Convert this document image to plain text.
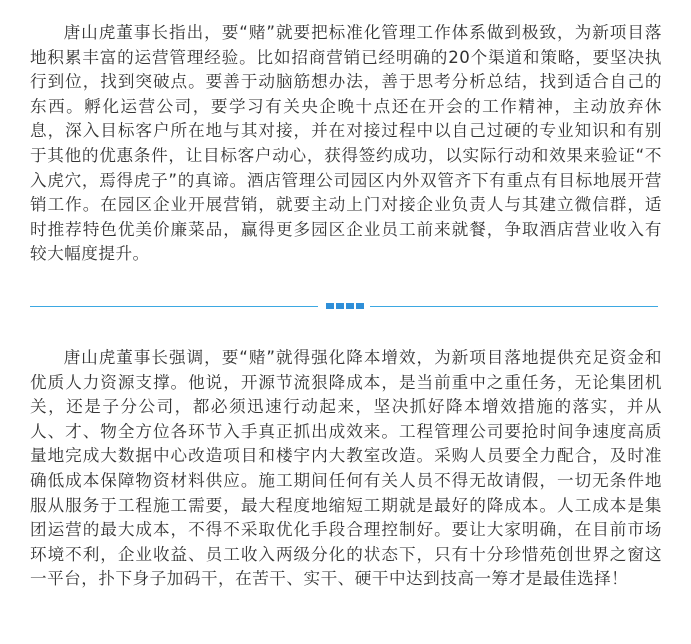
唐山虎董事长指出，要“赌”就要把标准化管理工作体系做到极致，为新项目落地积累丰富的运营管理经验。比如招商营销已经明确的20个渠道和策略，要坚决执行到位，找到突破点。要善于动脑筋想办法，善于思考分析总结，找到适合自己的东西。孵化运营公司，要学习有关央企晚十点还在开会的工作精神，主动放弃休息，深入目标客户所在地与其对接，并在对接过程中以自己过硬的专业知识和有别于其他的优惠条件，让目标客户动心，获得签约成功，以实际行动和效果来验证“不入虎穴，焉得虎子”的真谛。酒店管理公司园区内外双管齐下有重点有目标地展开营销工作。在园区企业开展营销，就要主动上门对接企业负责人与其建立微信群，适时推荐特色优美价廉菜品，赢得更多园区企业员工前来就餐，争取酒店营业收入有较大幅度提升。

唐山虎董事长强调，要“赌”就得强化降本增效，为新项目落地提供充足资金和优质人力资源支撑。他说，开源节流狠降成本，是当前重中之重任务，无论集团机关，还是子分公司，都必须迅速行动起来，坚决抓好降本增效措施的落实，并从人、才、物全方位各环节入手真正抓出成效来。工程管理公司要抢时间争速度高质量地完成大数据中心改造项目和楼宇内大教室改造。采购人员要全力配合，及时准确低成本保障物资材料供应。施工期间任何有关人员不得无故请假，一切无条件地服从服务于工程施工需要，最大程度地缩短工期就是最好的降成本。人工成本是集团运营的最大成本，不得不采取优化手段合理控制好。要让大家明确，在目前市场环境不利，企业收益、员工收入两级分化的状态下，只有十分珍惜苑创世界之窗这一平台，扑下身子加码干，在苦干、实干、硬干中达到技高一筹才是最佳选择！
